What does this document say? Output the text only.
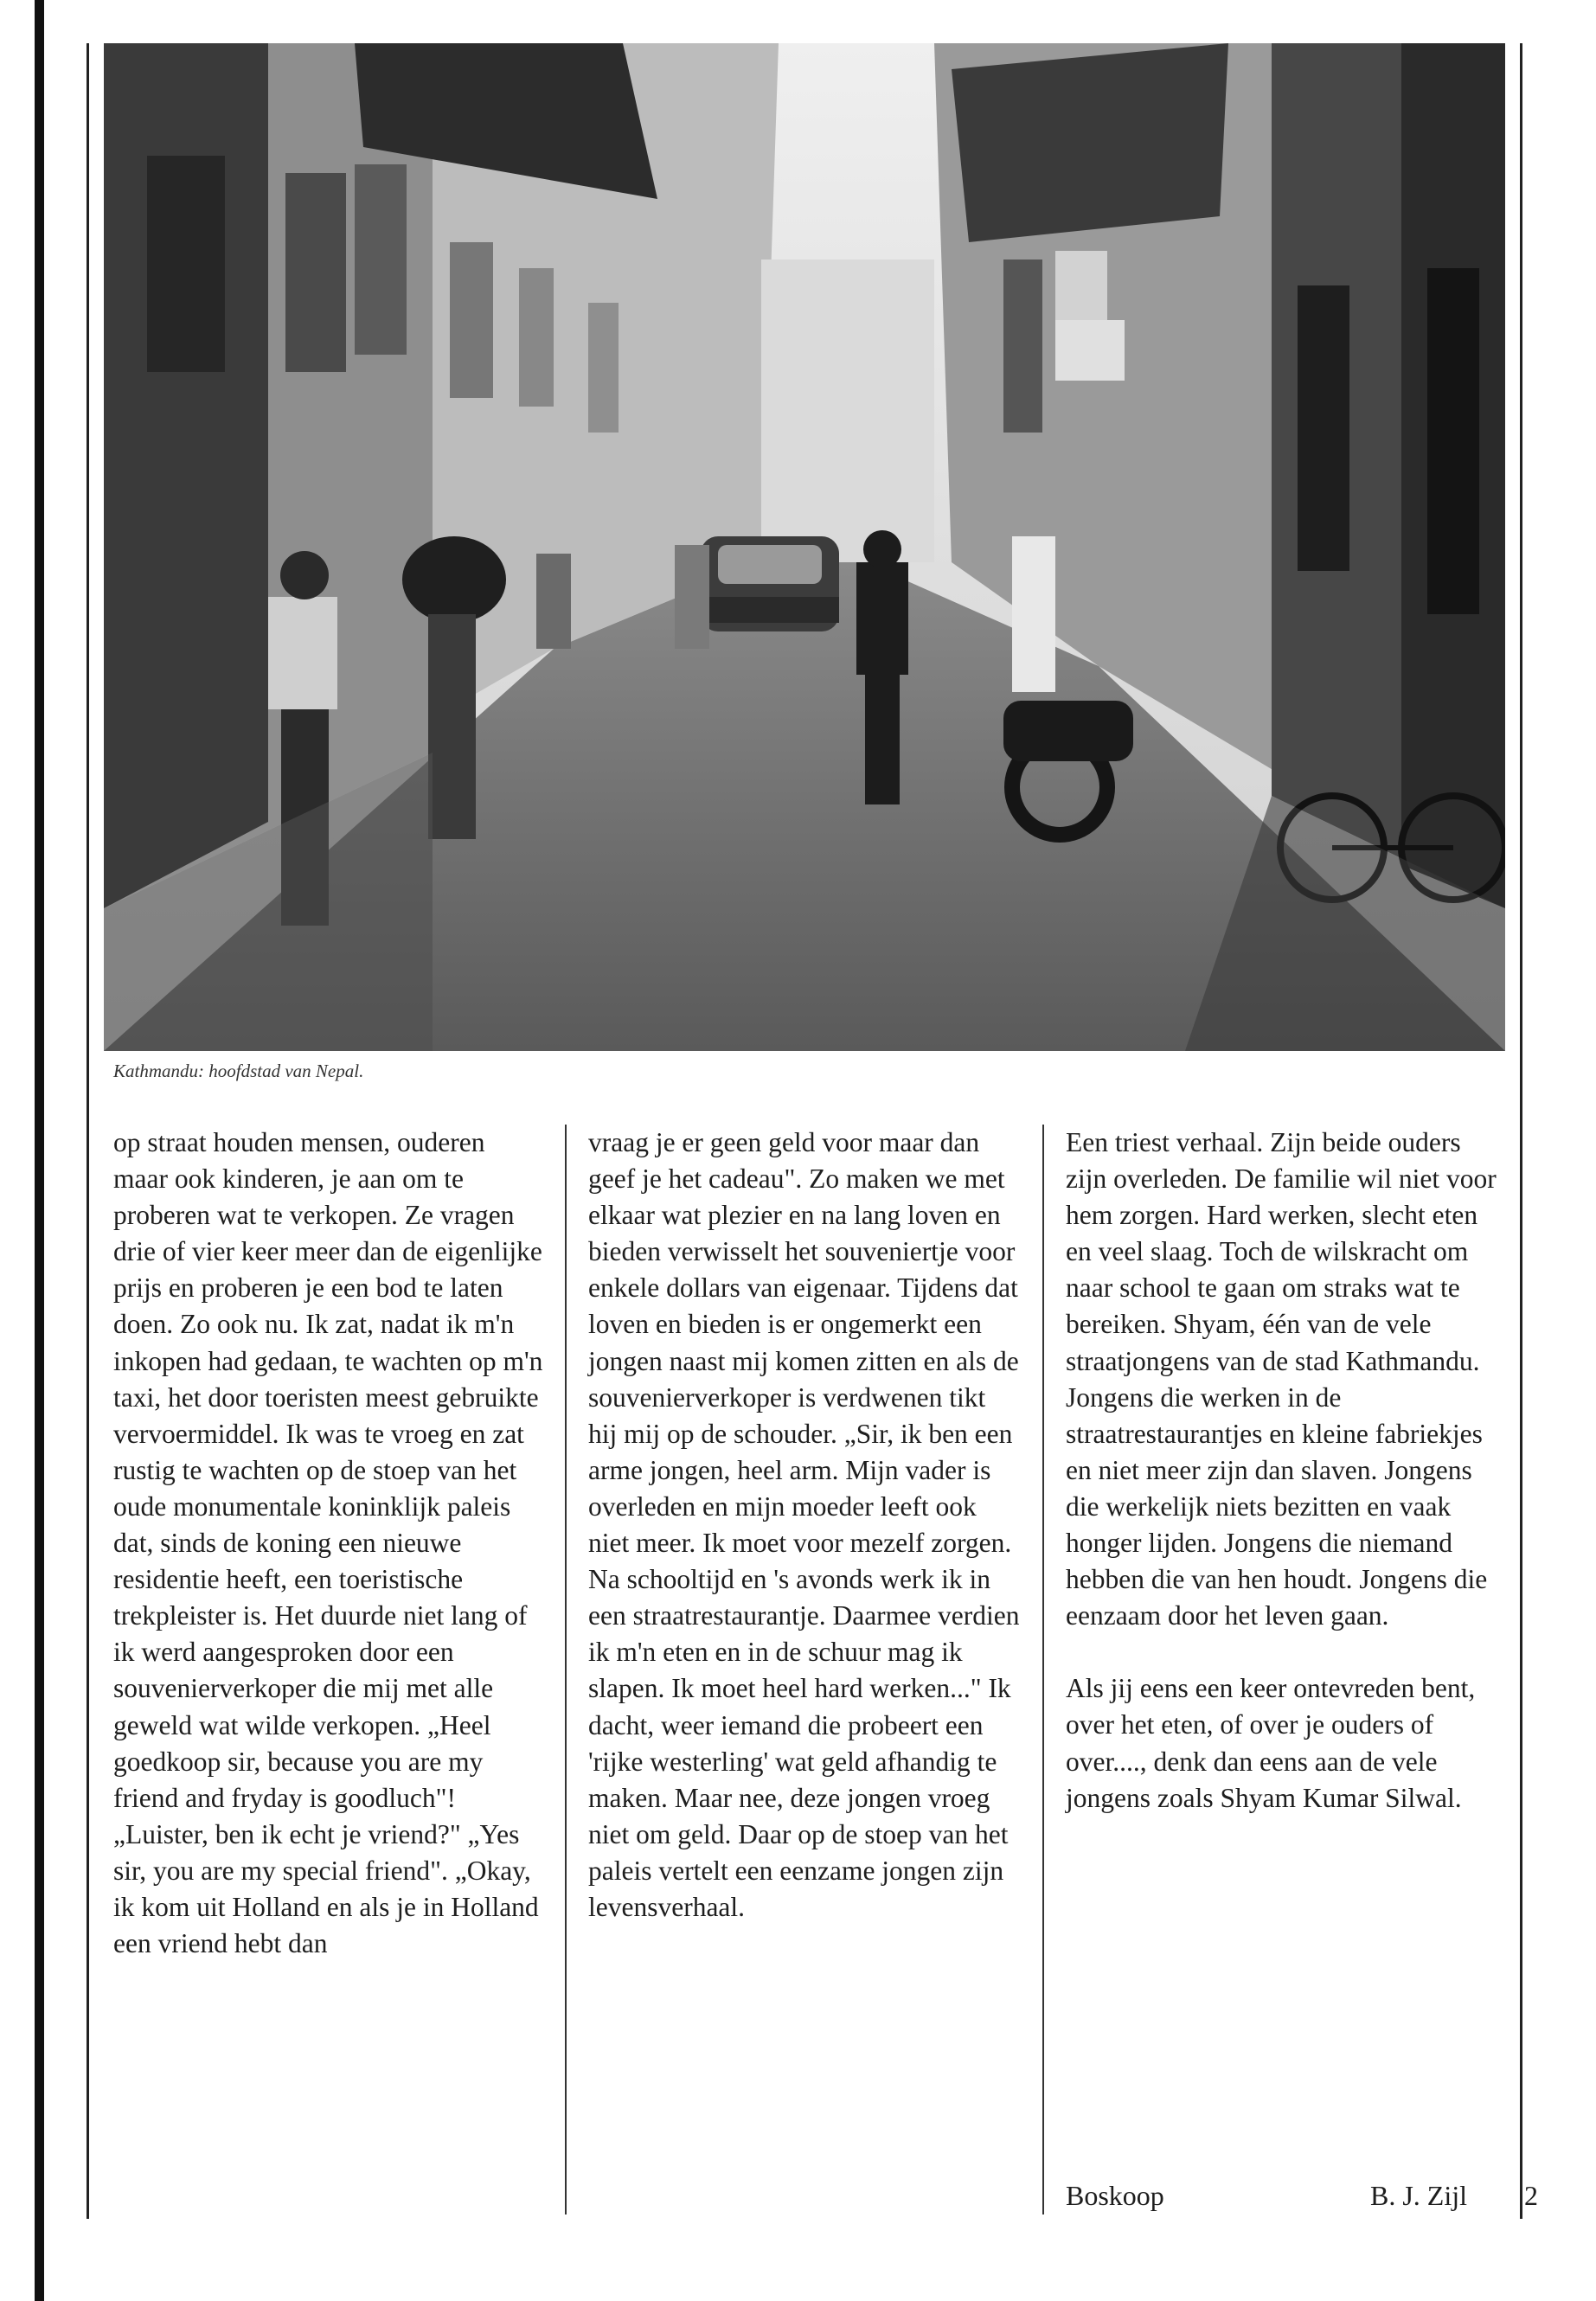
Kathmandu: hoofdstad van Nepal.

op straat houden mensen, ouderen maar ook kinderen, je aan om te proberen wat te verkopen. Ze vragen drie of vier keer meer dan de eigenlijke prijs en proberen je een bod te laten doen. Zo ook nu. Ik zat, nadat ik m'n inkopen had gedaan, te wachten op m'n taxi, het door toeristen meest gebruikte vervoermiddel. Ik was te vroeg en zat rustig te wachten op de stoep van het oude monumentale koninklijk paleis dat, sinds de koning een nieuwe residentie heeft, een toeristische trekpleister is. Het duurde niet lang of ik werd aangesproken door een souvenierverkoper die mij met alle geweld wat wilde verkopen. „Heel goedkoop sir, because you are my friend and fryday is goodluch"! „Luister, ben ik echt je vriend?" „Yes sir, you are my special friend". „Okay, ik kom uit Holland en als je in Holland een vriend hebt dan

vraag je er geen geld voor maar dan geef je het cadeau". Zo maken we met elkaar wat plezier en na lang loven en bieden verwisselt het souveniertje voor enkele dollars van eigenaar. Tijdens dat loven en bieden is er ongemerkt een jongen naast mij komen zitten en als de souvenierverkoper is verdwenen tikt hij mij op de schouder. „Sir, ik ben een arme jongen, heel arm. Mijn vader is overleden en mijn moeder leeft ook niet meer. Ik moet voor mezelf zorgen. Na schooltijd en 's avonds werk ik in een straatrestaurantje. Daarmee verdien ik m'n eten en in de schuur mag ik slapen. Ik moet heel hard werken..." Ik dacht, weer iemand die probeert een 'rijke westerling' wat geld afhandig te maken. Maar nee, deze jongen vroeg niet om geld. Daar op de stoep van het paleis vertelt een eenzame jongen zijn levensverhaal.

Een triest verhaal. Zijn beide ouders zijn overleden. De familie wil niet voor hem zorgen. Hard werken, slecht eten en veel slaag. Toch de wilskracht om naar school te gaan om straks wat te bereiken. Shyam, één van de vele straatjongens van de stad Kathmandu. Jongens die werken in de straatrestaurantjes en kleine fabriekjes en niet meer zijn dan slaven. Jongens die werkelijk niets bezitten en vaak honger lijden. Jongens die niemand hebben die van hen houdt. Jongens die eenzaam door het leven gaan.

Als jij eens een keer ontevreden bent, over het eten, of over je ouders of over...., denk dan eens aan de vele jongens zoals Shyam Kumar Silwal.

Boskoop	B. J. Zijl 2
